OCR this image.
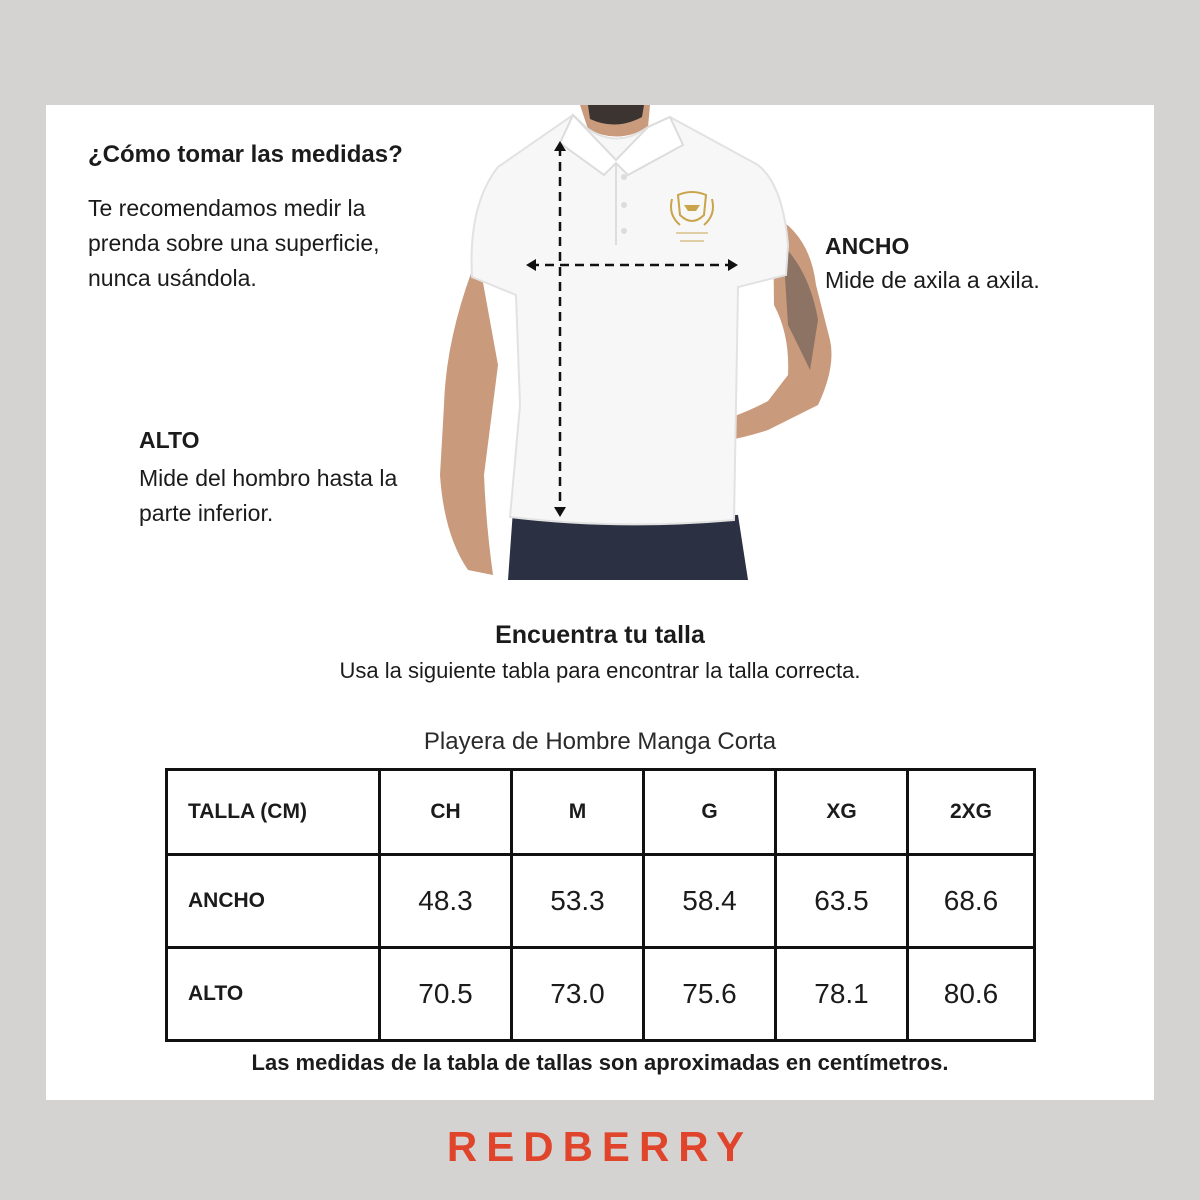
¿Cómo tomar las medidas?
Te recomendamos medir la prenda sobre una superficie, nunca usándola.
ANCHO
Mide de axila a axila.
ALTO
Mide del hombro hasta la parte inferior.
Encuentra tu talla
Usa la siguiente tabla para encontrar la talla correcta.
Playera de Hombre Manga Corta
TALLA (CM)	CH	M	G	XG	2XG
ANCHO	48.3	53.3	58.4	63.5	68.6
ALTO	70.5	73.0	75.6	78.1	80.6
Las medidas de la tabla de tallas son aproximadas en centímetros.
REDBERRY
